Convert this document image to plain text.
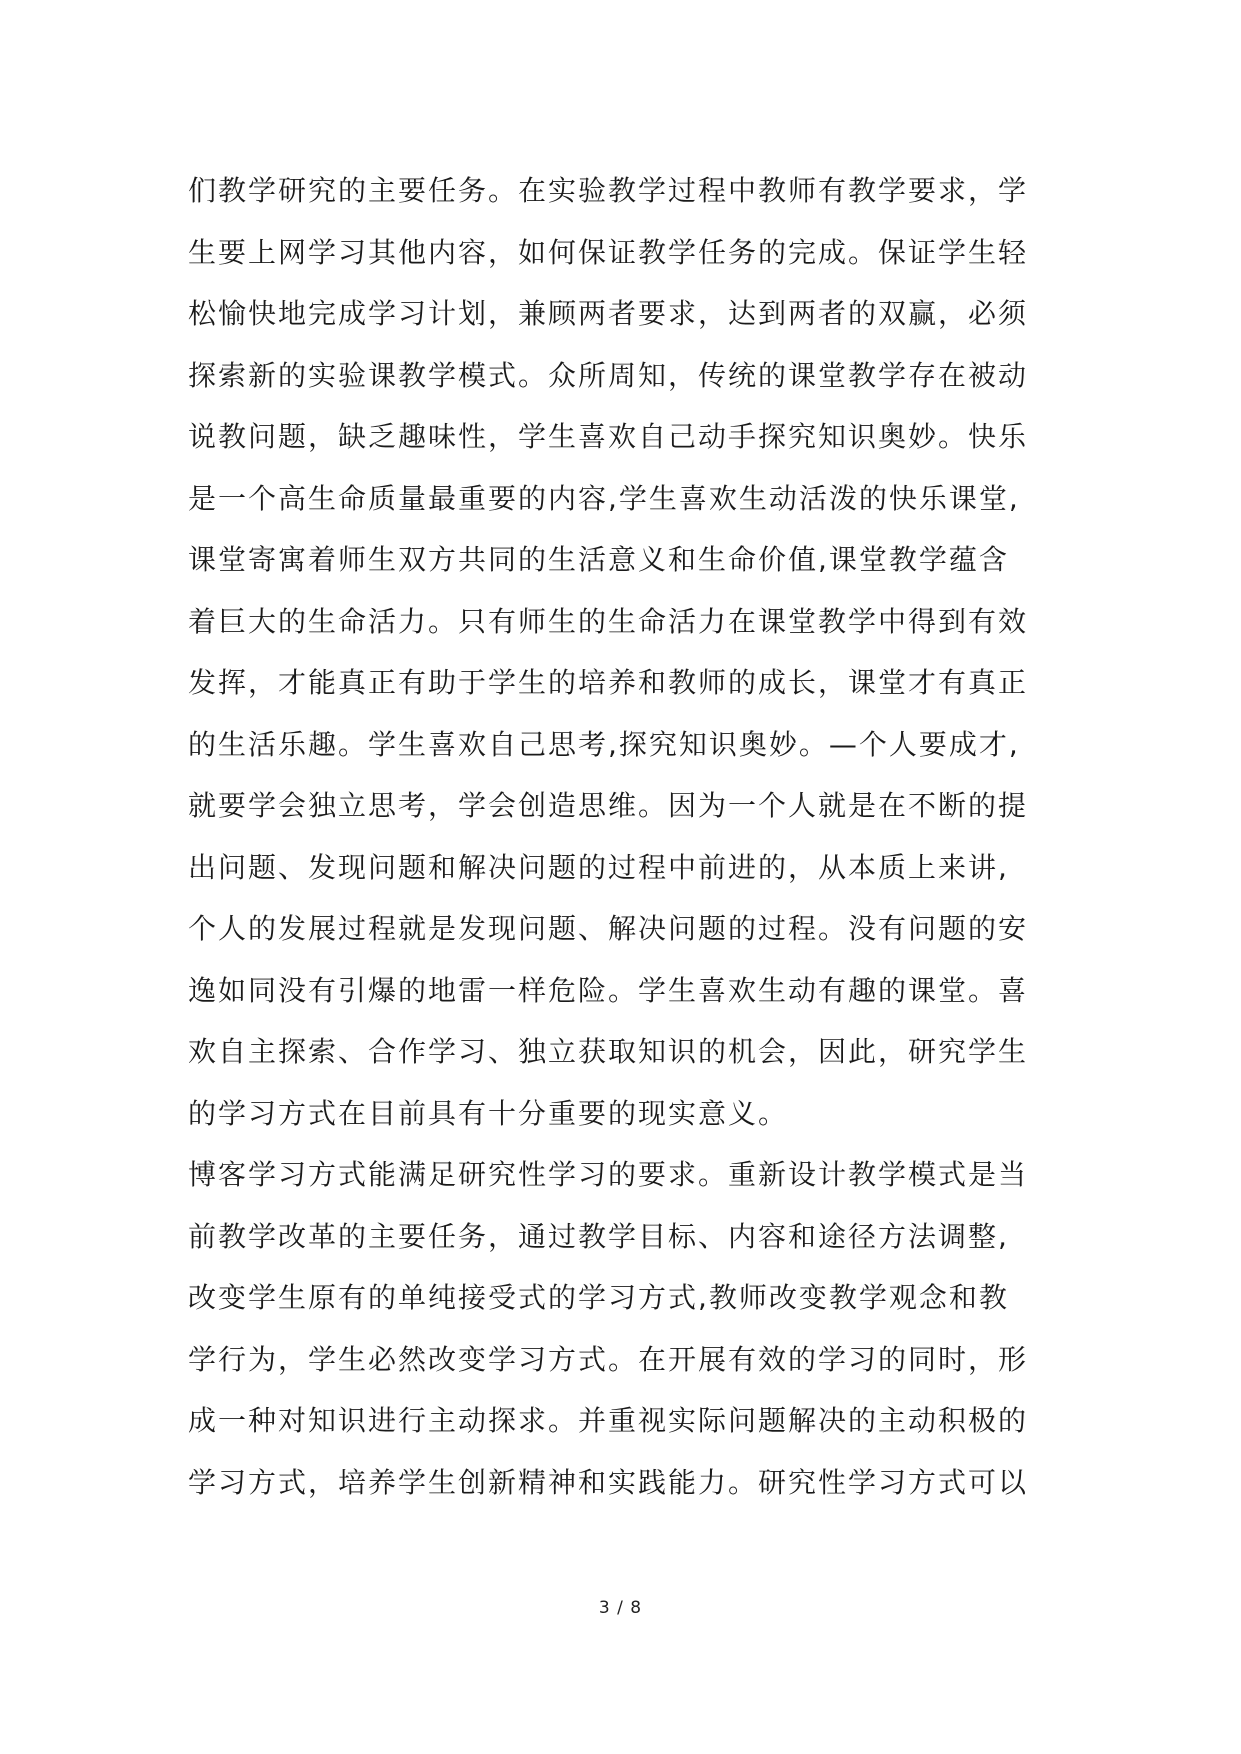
们教学研究的主要任务。在实验教学过程中教师有教学要求，学
生要上网学习其他内容，如何保证教学任务的完成。保证学生轻
松愉快地完成学习计划，兼顾两者要求，达到两者的双赢，必须
探索新的实验课教学模式。众所周知，传统的课堂教学存在被动
说教问题，缺乏趣味性，学生喜欢自己动手探究知识奥妙。快乐
是一个高生命质量最重要的内容,学生喜欢生动活泼的快乐课堂,
课堂寄寓着师生双方共同的生活意义和生命价值,课堂教学蕴含
着巨大的生命活力。只有师生的生命活力在课堂教学中得到有效
发挥，才能真正有助于学生的培养和教师的成长，课堂才有真正
的生活乐趣。学生喜欢自己思考,探究知识奥妙。—个人要成才,
就要学会独立思考，学会创造思维。因为一个人就是在不断的提
出问题、发现问题和解决问题的过程中前进的，从本质上来讲,
个人的发展过程就是发现问题、解决问题的过程。没有问题的安
逸如同没有引爆的地雷一样危险。学生喜欢生动有趣的课堂。喜
欢自主探索、合作学习、独立获取知识的机会，因此，研究学生
的学习方式在目前具有十分重要的现实意义。
博客学习方式能满足研究性学习的要求。重新设计教学模式是当
前教学改革的主要任务，通过教学目标、内容和途径方法调整,
改变学生原有的单纯接受式的学习方式,教师改变教学观念和教
学行为，学生必然改变学习方式。在开展有效的学习的同时，形
成一种对知识进行主动探求。并重视实际问题解决的主动积极的
学习方式，培养学生创新精神和实践能力。研究性学习方式可以
3 / 8
